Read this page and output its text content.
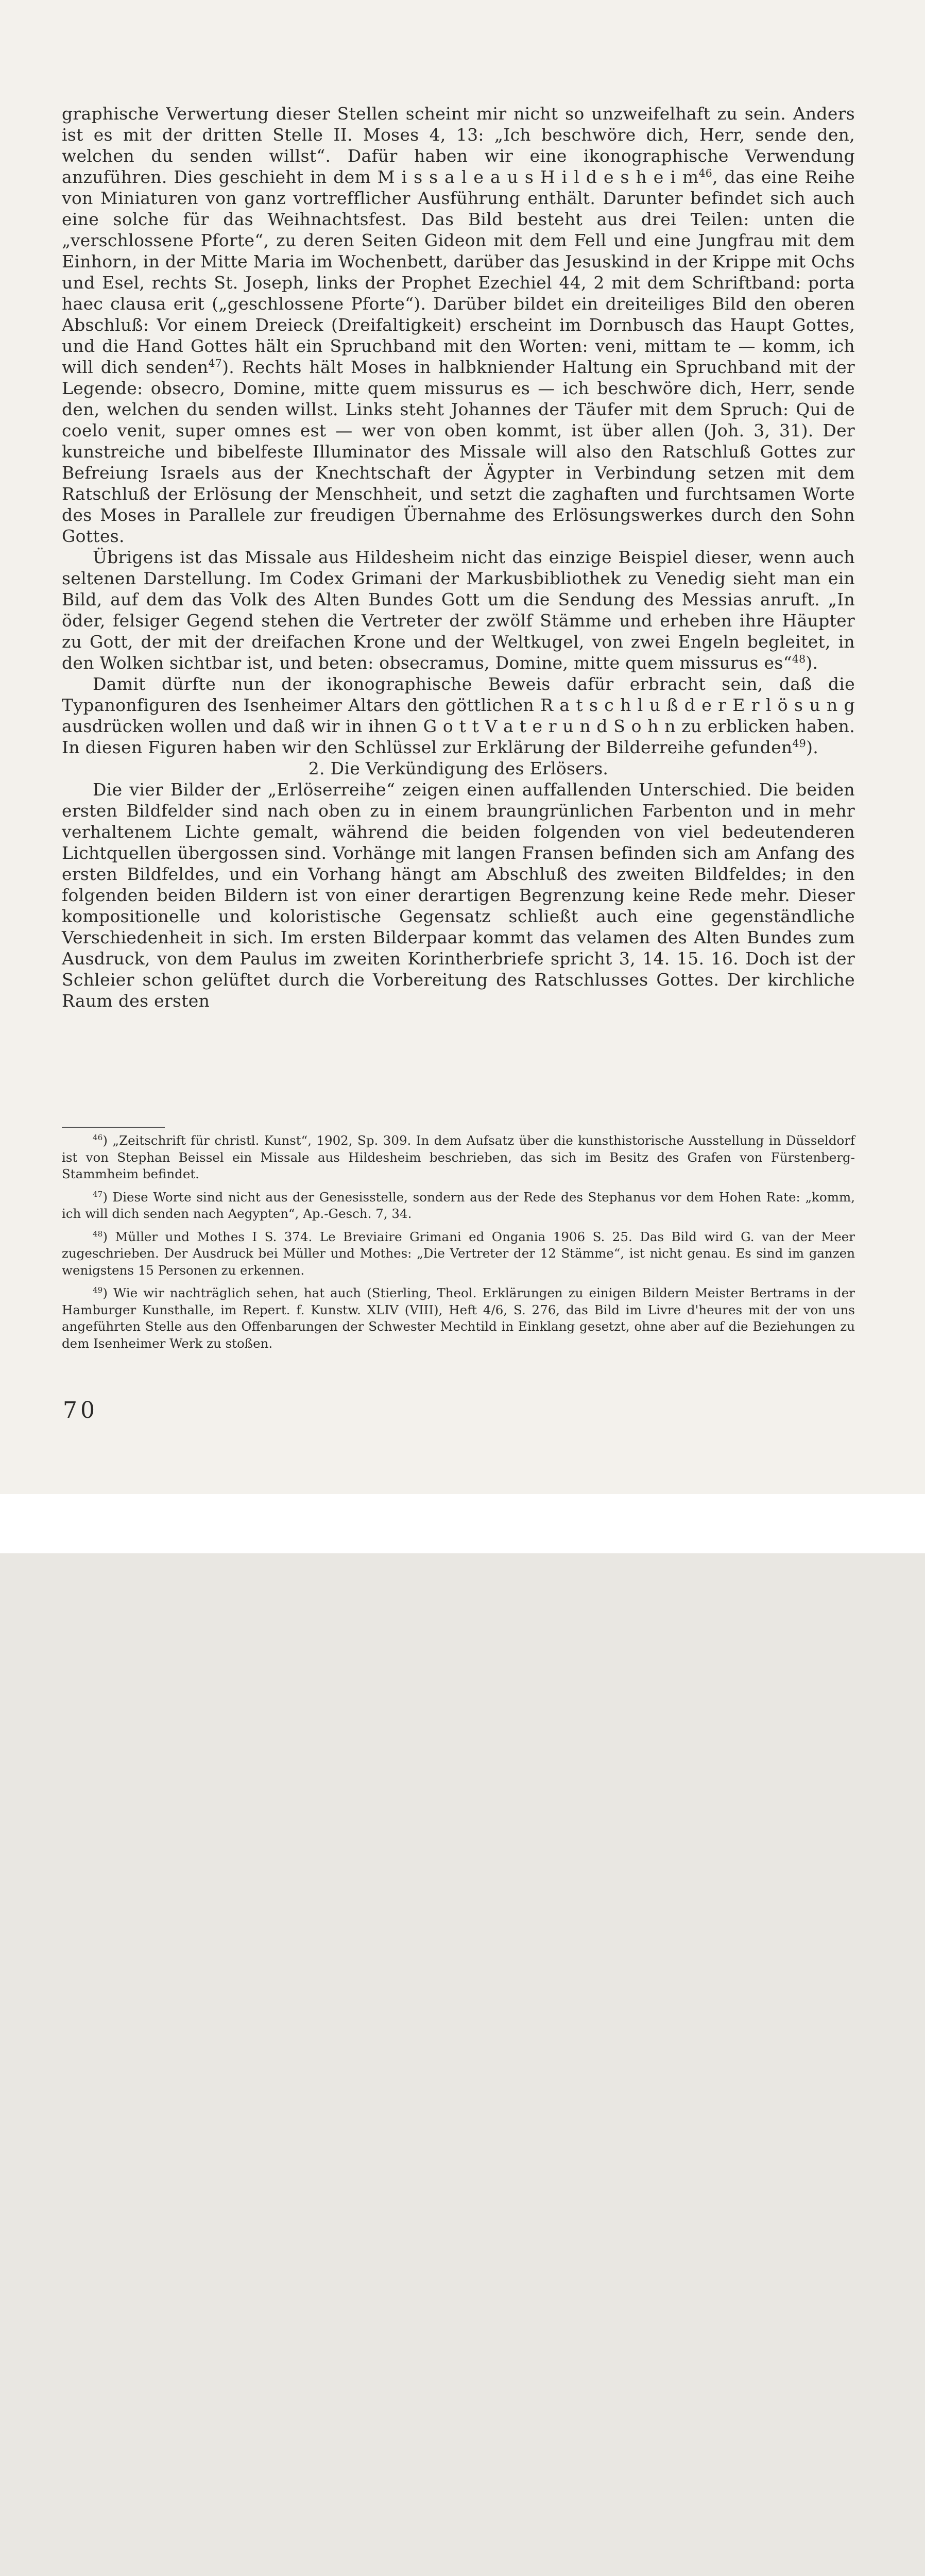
graphische Verwertung dieser Stellen scheint mir nicht so unzweifelhaft zu sein. Anders ist es mit der dritten Stelle II. Moses 4, 13: „Ich beschwöre dich, Herr, sende den, welchen du senden willst“. Dafür haben wir eine ikonographische Verwendung anzuführen. Dies geschieht in dem M i s s a l e a u s H i l d e s h e i $m^{46}$, das eine Reihe von Miniaturen von ganz vortrefflicher Ausführung enthält. Darunter befindet sich auch eine solche für das Weihnachtsfest. Das Bild besteht aus drei Teilen: unten die „verschlossene Pforte“, zu deren Seiten Gideon mit dem Fell und eine Jungfrau mit dem Einhorn, in der Mitte Maria im Wochenbett, darüber das Jesuskind in der Krippe mit Ochs und Esel, rechts St. Joseph, links der Prophet Ezechiel 44, 2 mit dem Schriftband: porta haec clausa erit („geschlossene Pforte“). Darüber bildet ein dreiteiliges Bild den oberen Abschluß: Vor einem Dreieck (Dreifaltigkeit) erscheint im Dornbusch das Haupt Gottes, und die Hand Gottes hält ein Spruchband mit den Worten: veni, mittam te — komm, ich will dich senden$^{47}$). Rechts hält Moses in halbkniender Haltung ein Spruchband mit der Legende: obsecro, Domine, mitte quem missurus es — ich beschwöre dich, Herr, sende den, welchen du senden willst. Links steht Johannes der Täufer mit dem Spruch: Qui de coelo venit, super omnes est — wer von oben kommt, ist über allen (Joh. 3, 31). Der kunstreiche und bibelfeste Illuminator des Missale will also den Ratschluß Gottes zur Befreiung Israels aus der Knechtschaft der Ägypter in Verbindung setzen mit dem Ratschluß der Erlösung der Menschheit, und setzt die zaghaften und furchtsamen Worte des Moses in Parallele zur freudigen Übernahme des Erlösungswerkes durch den Sohn Gottes.

Übrigens ist das Missale aus Hildesheim nicht das einzige Beispiel dieser, wenn auch seltenen Darstellung. Im Codex Grimani der Markusbibliothek zu Venedig sieht man ein Bild, auf dem das Volk des Alten Bundes Gott um die Sendung des Messias anruft. „In öder, felsiger Gegend stehen die Vertreter der zwölf Stämme und erheben ihre Häupter zu Gott, der mit der dreifachen Krone und der Weltkugel, von zwei Engeln begleitet, in den Wolken sichtbar ist, und beten: obsecramus, Domine, mitte quem missurus es“$^{48}$).

Damit dürfte nun der ikonographische Beweis dafür erbracht sein, daß die Typanonfiguren des Isenheimer Altars den göttlichen R a t s c h l u ß d e r E r l ö s u n g ausdrücken wollen und daß wir in ihnen G o t t V a t e r u n d S o h n zu erblicken haben. In diesen Figuren haben wir den Schlüssel zur Erklärung der Bilderreihe gefunden$^{49}$).

2. Die Verkündigung des Erlösers.

Die vier Bilder der „Erlöserreihe“ zeigen einen auffallenden Unterschied. Die beiden ersten Bildfelder sind nach oben zu in einem braungrünlichen Farbenton und in mehr verhaltenem Lichte gemalt, während die beiden folgenden von viel bedeutenderen Lichtquellen übergossen sind. Vorhänge mit langen Fransen befinden sich am Anfang des ersten Bildfeldes, und ein Vorhang hängt am Abschluß des zweiten Bildfeldes; in den folgenden beiden Bildern ist von einer derartigen Begrenzung keine Rede mehr. Dieser kompositionelle und koloristische Gegensatz schließt auch eine gegenständliche Verschiedenheit in sich. Im ersten Bilderpaar kommt das velamen des Alten Bundes zum Ausdruck, von dem Paulus im zweiten Korintherbriefe spricht 3, 14. 15. 16. Doch ist der Schleier schon gelüftet durch die Vorbereitung des Ratschlusses Gottes. Der kirchliche Raum des ersten

$^{46}$) „Zeitschrift für christl. Kunst“, 1902, Sp. 309. In dem Aufsatz über die kunsthistorische Ausstellung in Düsseldorf ist von Stephan Beissel ein Missale aus Hildesheim beschrieben, das sich im Besitz des Grafen von Fürstenberg-Stammheim befindet.

$^{47}$) Diese Worte sind nicht aus der Genesisstelle, sondern aus der Rede des Stephanus vor dem Hohen Rate: „komm, ich will dich senden nach Aegypten“, Ap.-Gesch. 7, 34.

$^{48}$) Müller und Mothes I S. 374. Le Breviaire Grimani ed Ongania 1906 S. 25. Das Bild wird G. van der Meer zugeschrieben. Der Ausdruck bei Müller und Mothes: „Die Vertreter der 12 Stämme“, ist nicht genau. Es sind im ganzen wenigstens 15 Personen zu erkennen.

$^{49}$) Wie wir nachträglich sehen, hat auch (Stierling, Theol. Erklärungen zu einigen Bildern Meister Bertrams in der Hamburger Kunsthalle, im Repert. f. Kunstw. XLIV (VIII), Heft 4/6, S. 276, das Bild im Livre d'heures mit der von uns angeführten Stelle aus den Offenbarungen der Schwester Mechtild in Einklang gesetzt, ohne aber auf die Beziehungen zu dem Isenheimer Werk zu stoßen.

70
